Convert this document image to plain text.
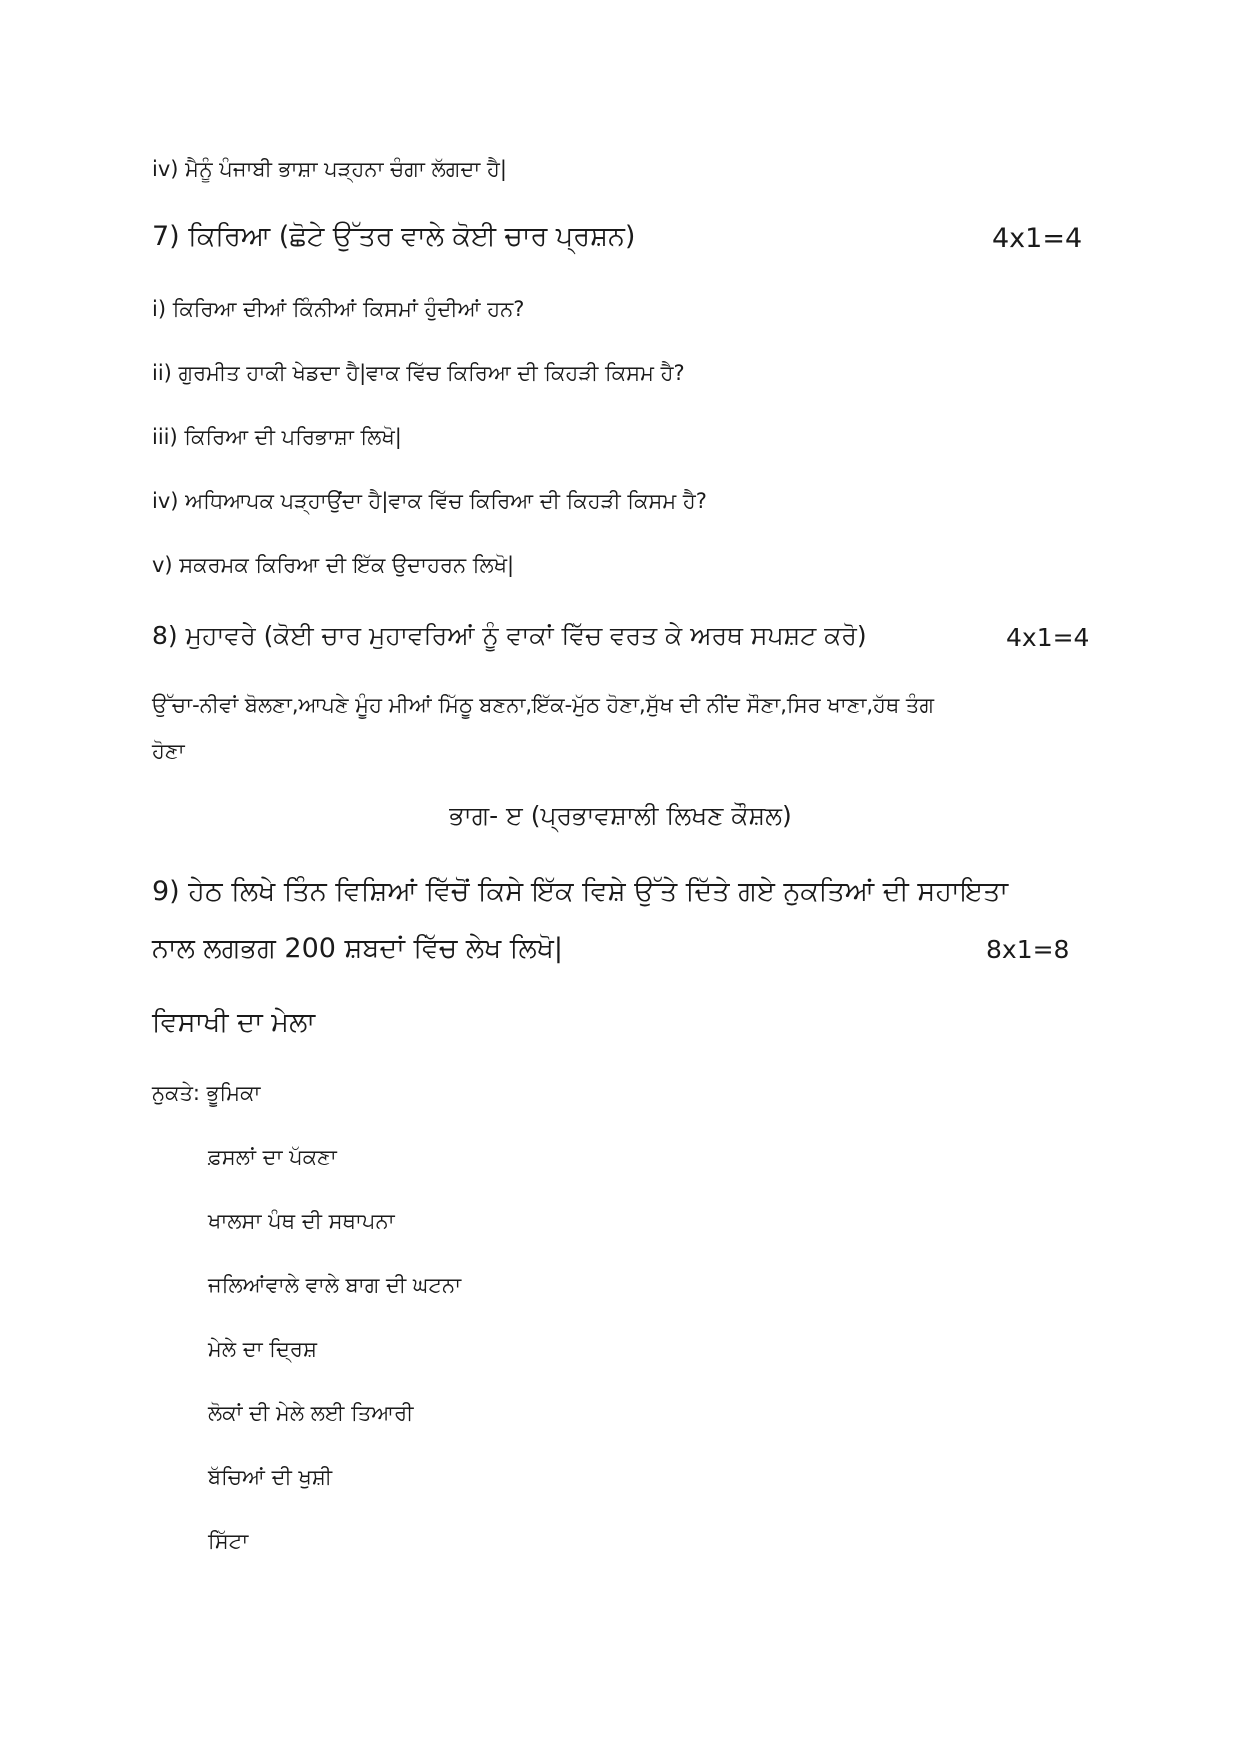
iv) ਮੈਨੂੰ ਪੰਜਾਬੀ ਭਾਸ਼ਾ ਪੜ੍ਹਨਾ ਚੰਗਾ ਲੱਗਦਾ ਹੈ|
7) ਕਿਰਿਆ (ਛੋਟੇ ਉੱਤਰ ਵਾਲੇ ਕੋਈ ਚਾਰ ਪ੍ਰਸ਼ਨ)	4x1=4
i) ਕਿਰਿਆ ਦੀਆਂ ਕਿੰਨੀਆਂ ਕਿਸਮਾਂ ਹੁੰਦੀਆਂ ਹਨ?
ii) ਗੁਰਮੀਤ ਹਾਕੀ ਖੇਡਦਾ ਹੈ|ਵਾਕ ਵਿੱਚ ਕਿਰਿਆ ਦੀ ਕਿਹੜੀ ਕਿਸਮ ਹੈ?
iii) ਕਿਰਿਆ ਦੀ ਪਰਿਭਾਸ਼ਾ ਲਿਖੋ|
iv) ਅਧਿਆਪਕ ਪੜ੍ਹਾਉਂਦਾ ਹੈ|ਵਾਕ ਵਿੱਚ ਕਿਰਿਆ ਦੀ ਕਿਹੜੀ ਕਿਸਮ ਹੈ?
v) ਸਕਰਮਕ ਕਿਰਿਆ ਦੀ ਇੱਕ ਉਦਾਹਰਨ ਲਿਖੋ|
8) ਮੁਹਾਵਰੇ (ਕੋਈ ਚਾਰ ਮੁਹਾਵਰਿਆਂ ਨੂੰ ਵਾਕਾਂ ਵਿੱਚ ਵਰਤ ਕੇ ਅਰਥ ਸਪਸ਼ਟ ਕਰੋ)	4x1=4
ਉੱਚਾ-ਨੀਵਾਂ ਬੋਲਣਾ,ਆਪਣੇ ਮੂੰਹ ਮੀਆਂ ਮਿੱਠੂ ਬਣਨਾ,ਇੱਕ-ਮੁੱਠ ਹੋਣਾ,ਸੁੱਖ ਦੀ ਨੀਂਦ ਸੌਣਾ,ਸਿਰ ਖਾਣਾ,ਹੱਥ ਤੰਗ
ਹੋਣਾ
ਭਾਗ- ੲ (ਪ੍ਰਭਾਵਸ਼ਾਲੀ ਲਿਖਣ ਕੌਸ਼ਲ)
9) ਹੇਠ ਲਿਖੇ ਤਿੰਨ ਵਿਸ਼ਿਆਂ ਵਿੱਚੋਂ ਕਿਸੇ ਇੱਕ ਵਿਸ਼ੇ ਉੱਤੇ ਦਿੱਤੇ ਗਏ ਨੁਕਤਿਆਂ ਦੀ ਸਹਾਇਤਾ
ਨਾਲ ਲਗਭਗ 200 ਸ਼ਬਦਾਂ ਵਿੱਚ ਲੇਖ ਲਿਖੋ|	8x1=8
ਵਿਸਾਖੀ ਦਾ ਮੇਲਾ
ਨੁਕਤੇ: ਭੂਮਿਕਾ
ਫ਼ਸਲਾਂ ਦਾ ਪੱਕਣਾ
ਖਾਲਸਾ ਪੰਥ ਦੀ ਸਥਾਪਨਾ
ਜਲਿਆਂਵਾਲੇ ਵਾਲੇ ਬਾਗ ਦੀ ਘਟਨਾ
ਮੇਲੇ ਦਾ ਦ੍ਰਿਸ਼
ਲੋਕਾਂ ਦੀ ਮੇਲੇ ਲਈ ਤਿਆਰੀ
ਬੱਚਿਆਂ ਦੀ ਖੁਸ਼ੀ
ਸਿੱਟਾ
